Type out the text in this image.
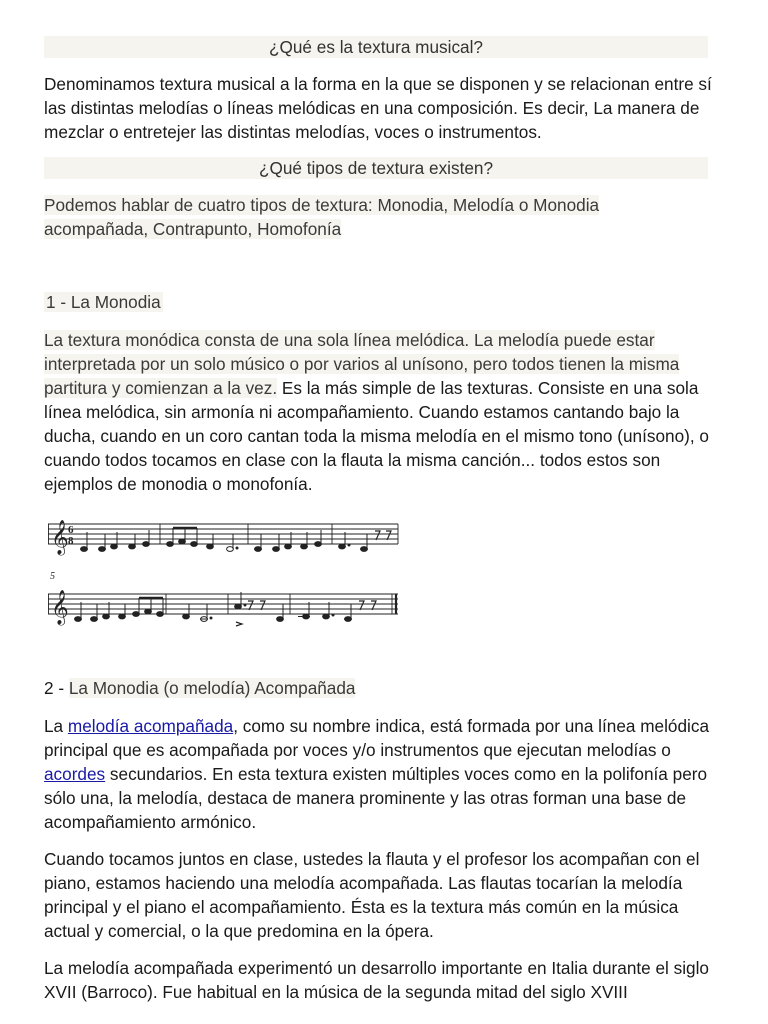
¿Qué es la textura musical?

Denominamos textura musical a la forma en la que se disponen y se relacionan entre sí las distintas melodías o líneas melódicas en una composición. Es decir, La manera de mezclar o entretejer las distintas melodías, voces o instrumentos.

¿Qué tipos de textura existen?

Podemos hablar de cuatro tipos de textura: Monodia, Melodía o Monodia
acompañada, Contrapunto, Homofonía

1 - La Monodia

La textura monódica consta de una sola línea melódica. La melodía puede estar interpretada por un solo músico o por varios al unísono, pero todos tienen la misma partitura y comienzan a la vez. Es la más simple de las texturas. Consiste en una sola línea melódica, sin armonía ni acompañamiento. Cuando estamos cantando bajo la ducha, cuando en un coro cantan toda la misma melodía en el mismo tono (unísono), o cuando todos tocamos en clase con la flauta la misma canción... todos estos son ejemplos de monodia o monofonía.

𝄞 6
8
5
𝄞

2 - La Monodia (o melodía) Acompañada

La melodía acompañada, como su nombre indica, está formada por una línea melódica principal que es acompañada por voces y/o instrumentos que ejecutan melodías o acordes secundarios. En esta textura existen múltiples voces como en la polifonía pero sólo una, la melodía, destaca de manera prominente y las otras forman una base de acompañamiento armónico.

Cuando tocamos juntos en clase, ustedes la flauta y el profesor los acompañan con el piano, estamos haciendo una melodía acompañada. Las flautas tocarían la melodía principal y el piano el acompañamiento. Ésta es la textura más común en la música actual y comercial, o la que predomina en la ópera.

La melodía acompañada experimentó un desarrollo importante en Italia durante el siglo XVII (Barroco). Fue habitual en la música de la segunda mitad del siglo XVIII
